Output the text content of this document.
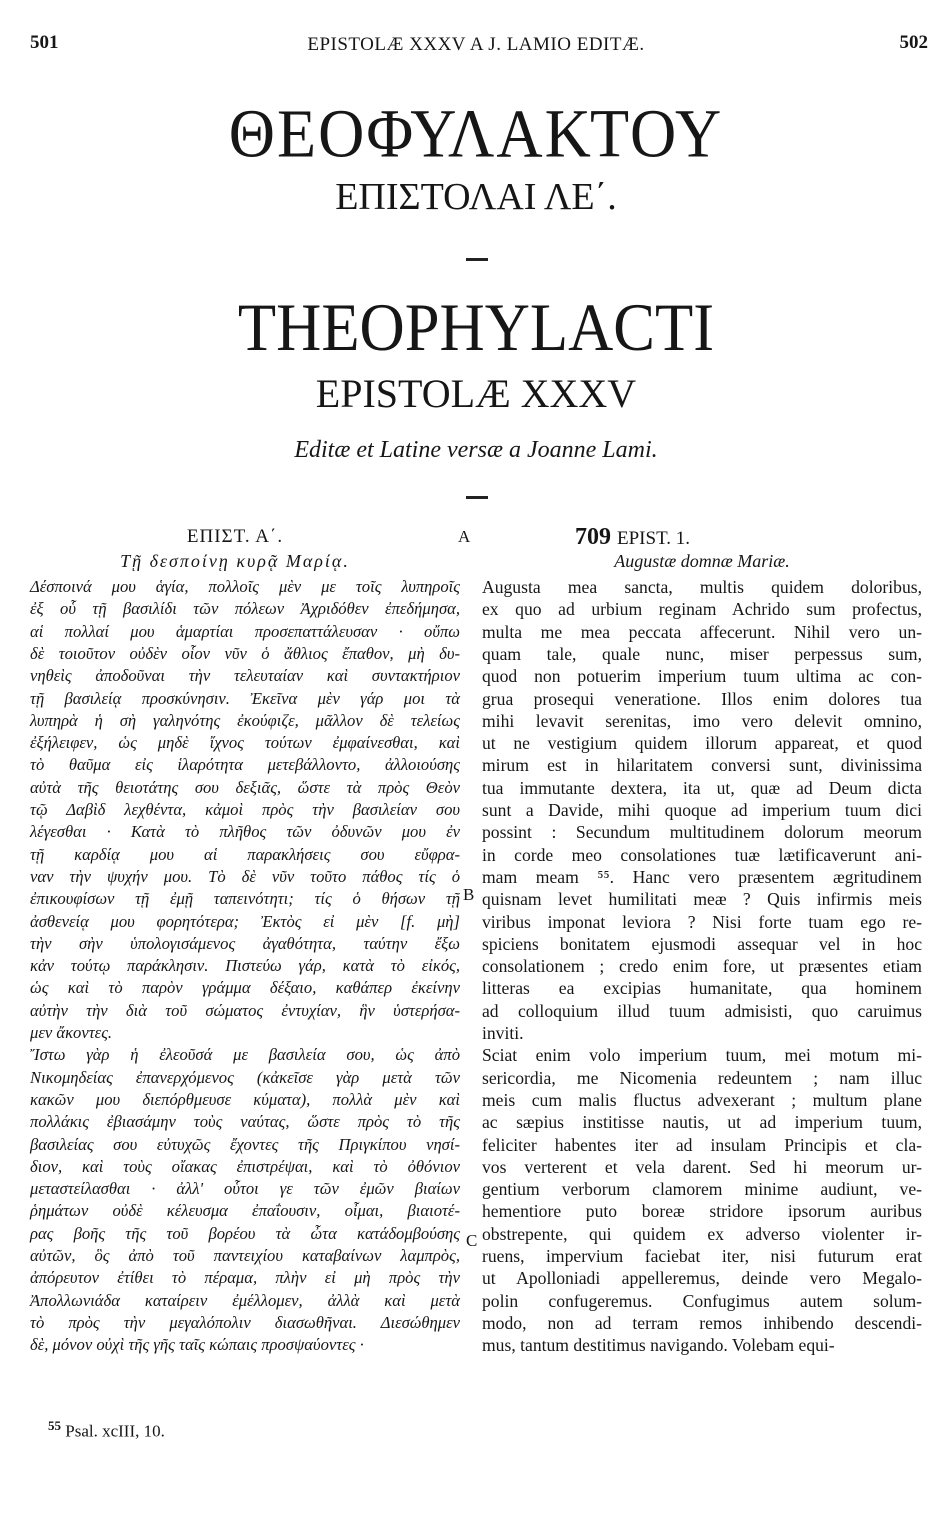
501	EPISTOLÆ XXXV A J. LAMIO EDITÆ.	502
ΘΕΟΦΥΛΑΚΤΟΥ
ΕΠΙΣΤΟΛΑΙ ΛΕ΄.
THEOPHYLACTI
EPISTOLÆ XXXV
Editæ et Latine versæ a Joanne Lami.
ΕΠΙΣΤ. Α΄.	A	709 EPIST. 1.
Τῇ δεσποίνῃ κυρᾷ Μαρίᾳ.	Augustæ domnæ Mariæ.
B
C
Δέσποινά μου ἁγία, πολλοῖς μὲν με τοῖς λυπηροῖς
ἐξ οὗ τῇ βασιλίδι τῶν πόλεων Ἀχριδόθεν ἐπεδήμησα,
αἱ πολλαί μου ἁμαρτίαι προσεπαττάλευσαν · οὔπω
δὲ τοιοῦτον οὐδὲν οἷον νῦν ὁ ἄθλιος ἔπαθον, μὴ δυ-
νηθεὶς ἀποδοῦναι τὴν τελευταίαν καὶ συντακτήριον
τῇ βασιλείᾳ προσκύνησιν. Ἐκεῖνα μὲν γάρ μοι τὰ
λυπηρὰ ἡ σὴ γαληνότης ἐκούφιζε, μᾶλλον δὲ τελείως
ἐξήλειφεν, ὡς μηδὲ ἴχνος τούτων ἐμφαίνεσθαι, καὶ
τὸ θαῦμα εἰς ἱλαρότητα μετεβάλλοντο, ἀλλοιούσης
αὐτὰ τῆς θειοτάτης σου δεξιᾶς, ὥστε τὰ πρὸς Θεὸν
τῷ Δαβὶδ λεχθέντα, κἀμοὶ πρὸς τὴν βασιλείαν σου
λέγεσθαι · Κατὰ τὸ πλῆθος τῶν ὀδυνῶν μου ἐν
τῇ καρδίᾳ μου αἱ παρακλήσεις σου εὔφρα-
ναν τὴν ψυχήν μου. Τὸ δὲ νῦν τοῦτο πάθος τίς ὁ
ἐπικουφίσων τῇ ἐμῇ ταπεινότητι; τίς ὁ θήσων τῇ
ἀσθενείᾳ μου φορητότερα; Ἐκτὸς εἰ μὲν [f. μὴ]
τὴν σὴν ὑπολογισάμενος ἀγαθότητα, ταύτην ἔξω
κἀν τούτῳ παράκλησιν. Πιστεύω γάρ, κατὰ τὸ εἰκός,
ὡς καὶ τὸ παρὸν γράμμα δέξαιο, καθάπερ ἐκείνην
αὐτὴν τὴν διὰ τοῦ σώματος ἐντυχίαν, ἣν ὑστερήσα-
μεν ἄκοντες.
Ἴστω γὰρ ἡ ἐλεοῦσά με βασιλεία σου, ὡς ἀπὸ
Νικομηδείας ἐπανερχόμενος (κἀκεῖσε γὰρ μετὰ τῶν
κακῶν μου διεπόρθμευσε κύματα), πολλὰ μὲν καὶ
πολλάκις ἐβιασάμην τοὺς ναύτας, ὥστε πρὸς τὸ τῆς
βασιλείας σου εὐτυχῶς ἔχοντες τῆς Πριγκίπου νησί-
διον, καὶ τοὺς οἴακας ἐπιστρέψαι, καὶ τὸ ὀθόνιον
μεταστείλασθαι · ἀλλ' οὗτοι γε τῶν ἐμῶν βιαίων
ῥημάτων οὐδὲ κέλευσμα ἐπαΐουσιν, οἶμαι, βιαιοτέ-
ρας βοῆς τῆς τοῦ βορέου τὰ ὦτα κατάδομβούσης
αὐτῶν, ὃς ἀπὸ τοῦ παντειχίου καταβαίνων λαμπρὸς,
ἀπόρευτον ἐτίθει τὸ πέραμα, πλὴν εἰ μὴ πρὸς τὴν
Ἀπολλωνιάδα καταίρειν ἐμέλλομεν, ἀλλὰ καὶ μετὰ
τὸ πρὸς τὴν μεγαλόπολιν διασωθῆναι. Διεσώθημεν
δὲ, μόνον οὐχὶ τῆς γῆς ταῖς κώπαις προσψαύοντες ·
Augusta mea sancta, multis quidem doloribus,
ex quo ad urbium reginam Achrido sum profectus,
multa me mea peccata affecerunt. Nihil vero un-
quam tale, quale nunc, miser perpessus sum,
quod non potuerim imperium tuum ultima ac con-
grua prosequi veneratione. Illos enim dolores tua
mihi levavit serenitas, imo vero delevit omnino,
ut ne vestigium quidem illorum appareat, et quod
mirum est in hilaritatem conversi sunt, divinissima
tua immutante dextera, ita ut, quæ ad Deum dicta
sunt a Davide, mihi quoque ad imperium tuum dici
possint : Secundum multitudinem dolorum meorum
in corde meo consolationes tuæ lætificaverunt ani-
mam meam ⁵⁵. Hanc vero præsentem ægritudinem
quisnam levet humilitati meæ ? Quis infirmis meis
viribus imponat leviora ? Nisi forte tuam ego re-
spiciens bonitatem ejusmodi assequar vel in hoc
consolationem ; credo enim fore, ut præsentes etiam
litteras ea excipias humanitate, qua hominem
ad colloquium illud tuum admisisti, quo caruimus
inviti.
Sciat enim volo imperium tuum, mei motum mi-
sericordia, me Nicomenia redeuntem ; nam illuc
meis cum malis fluctus advexerant ; multum plane
ac sæpius institisse nautis, ut ad imperium tuum,
feliciter habentes iter ad insulam Principis et cla-
vos verterent et vela darent. Sed hi meorum ur-
gentium verborum clamorem minime audiunt, ve-
hementiore puto boreæ stridore ipsorum auribus
obstrepente, qui quidem ex adverso violenter ir-
ruens, impervium faciebat iter, nisi futurum erat
ut Apolloniadi appelleremus, deinde vero Megalo-
polin confugeremus. Confugimus autem solum-
modo, non ad terram remos inhibendo descendi-
mus, tantum destitimus navigando. Volebam equi-
$^{55}$ Psal. xcIII, 10.
